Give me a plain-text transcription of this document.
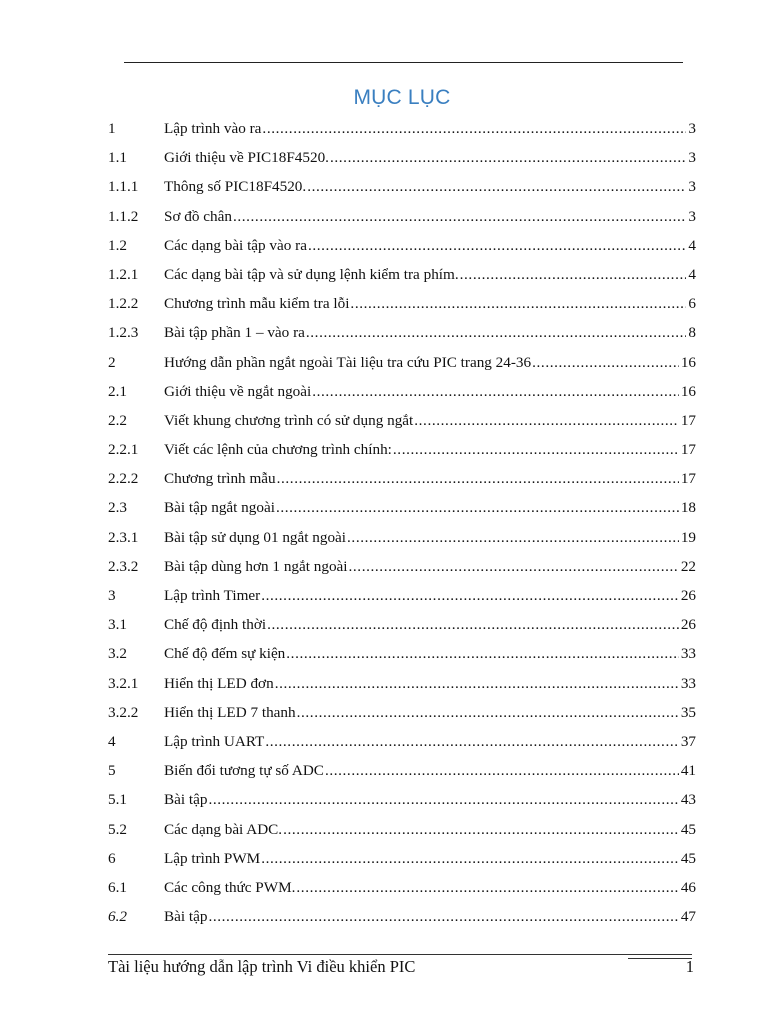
MỤC LỤC
1	Lập trình vào ra .....	3
1.1	Giới thiệu về PIC18F4520. .....	3
1.1.1	Thông số PIC18F4520. .....	3
1.1.2	Sơ đồ chân .....	3
1.2	Các dạng bài tập vào ra .....	4
1.2.1	Các dạng bài tập và sử dụng lệnh kiểm tra phím. .....	4
1.2.2	Chương trình mẫu kiểm tra lỗi .....	6
1.2.3	Bài tập phần 1 – vào ra .....	8
2	Hướng dẫn phần ngắt ngoài Tài liệu tra cứu PIC trang 24-36 .....	16
2.1	Giới thiệu về ngắt ngoài .....	16
2.2	Viết khung chương trình có sử dụng ngắt .....	17
2.2.1	Viết các lệnh của chương trình chính: .....	17
2.2.2	Chương trình mẫu .....	17
2.3	Bài tập ngắt ngoài .....	18
2.3.1	Bài tập sử dụng 01 ngắt ngoài .....	19
2.3.2	Bài tập dùng hơn 1 ngắt ngoài .....	22
3	Lập trình Timer .....	26
3.1	Chế độ định thời .....	26
3.2	Chế độ đếm sự kiện .....	33
3.2.1	Hiển thị LED đơn .....	33
3.2.2	Hiển thị LED 7 thanh .....	35
4	Lập trình UART .....	37
5	Biến đổi tương tự số ADC .....	41
5.1	Bài tập .....	43
5.2	Các dạng bài ADC. .....	45
6	Lập trình PWM .....	45
6.1	Các công thức PWM. .....	46
6.2	Bài tập .....	47
Tài liệu hướng dẫn lập trình Vi điều khiển PIC	1
